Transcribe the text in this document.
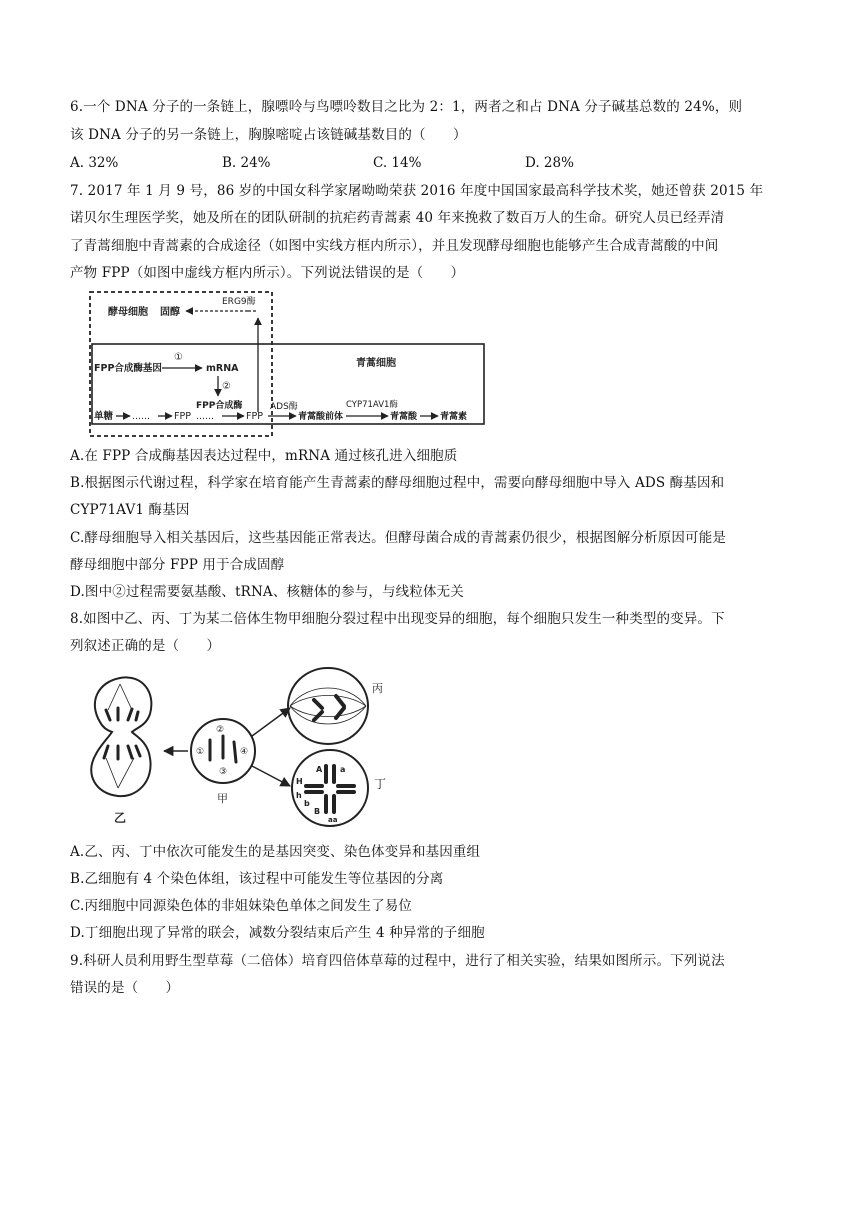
6.一个 DNA 分子的一条链上，腺嘌呤与鸟嘌呤数目之比为 2：1，两者之和占 DNA 分子碱基总数的 24%，则
该 DNA 分子的另一条链上，胸腺嘧啶占该链碱基数目的（　　）
A. 32%	B. 24%	C. 14%	D. 28%
7. 2017 年 1 月 9 号，86 岁的中国女科学家屠呦呦荣获 2016 年度中国国家最高科学技术奖，她还曾获 2015 年
诺贝尔生理医学奖，她及所在的团队研制的抗疟药青蒿素 40 年来挽救了数百万人的生命。研究人员已经弄清
了青蒿细胞中青蒿素的合成途径（如图中实线方框内所示），并且发现酵母细胞也能够产生合成青蒿酸的中间
产物 FPP（如图中虚线方框内所示）。下列说法错误的是（　　）
酵母细胞 固醇
ERG9酶
FPP合成酶基因
①
mRNA
②
FPP合成酶
单糖 ……	FPP ……	FPP
青蒿细胞
ADS酶
青蒿酸前体
CYP71AV1酶
青蒿酸	青蒿素
A.在 FPP 合成酶基因表达过程中，mRNA 通过核孔进入细胞质
B.根据图示代谢过程，科学家在培育能产生青蒿素的酵母细胞过程中，需要向酵母细胞中导入 ADS 酶基因和
CYP71AV1 酶基因
C.酵母细胞导入相关基因后，这些基因能正常表达。但酵母菌合成的青蒿素仍很少，根据图解分析原因可能是
酵母细胞中部分 FPP 用于合成固醇
D.图中②过程需要氨基酸、tRNA、核糖体的参与，与线粒体无关
8.如图中乙、丙、丁为某二倍体生物甲细胞分裂过程中出现变异的细胞，每个细胞只发生一种类型的变异。下
列叙述正确的是（　　）
乙
②
①	④
③
甲
丙
A a
H
h
b
B
aa
丁
A.乙、丙、丁中依次可能发生的是基因突变、染色体变异和基因重组
B.乙细胞有 4 个染色体组，该过程中可能发生等位基因的分离
C.丙细胞中同源染色体的非姐妹染色单体之间发生了易位
D.丁细胞出现了异常的联会，减数分裂结束后产生 4 种异常的子细胞
9.科研人员利用野生型草莓（二倍体）培育四倍体草莓的过程中，进行了相关实验，结果如图所示。下列说法
错误的是（　　）
